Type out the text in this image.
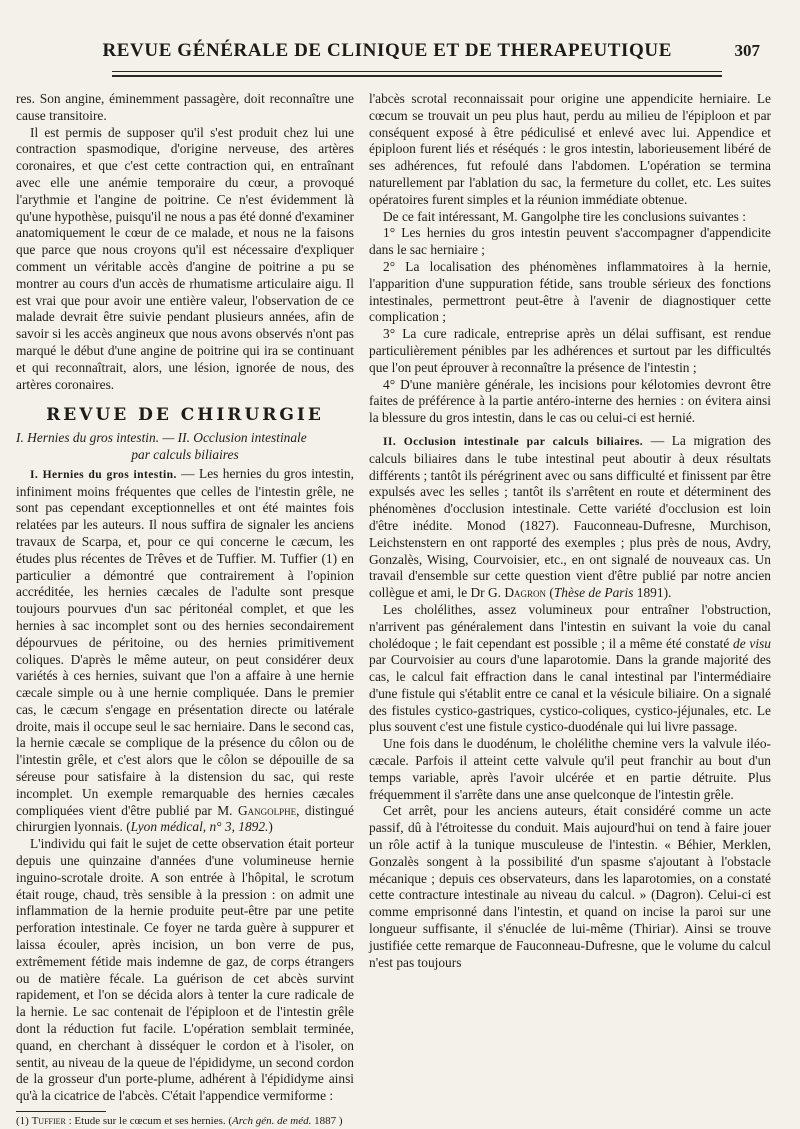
REVUE GÉNÉRALE DE CLINIQUE ET DE THERAPEUTIQUE	307

res. Son angine, éminemment passagère, doit reconnaître une cause transitoire.

Il est permis de supposer qu'il s'est produit chez lui une contraction spasmodique, d'origine nerveuse, des artères coronaires, et que c'est cette contraction qui, en entraînant avec elle une anémie temporaire du cœur, a provoqué l'arythmie et l'angine de poitrine. Ce n'est évidemment là qu'une hypothèse, puisqu'il ne nous a pas été donné d'examiner anatomiquement le cœur de ce malade, et nous ne la faisons que parce que nous croyons qu'il est nécessaire d'expliquer comment un véritable accès d'angine de poitrine a pu se montrer au cours d'un accès de rhumatisme articulaire aigu. Il est vrai que pour avoir une entière valeur, l'observation de ce malade devrait être suivie pendant plusieurs années, afin de savoir si les accès angineux que nous avons observés n'ont pas marqué le début d'une angine de poitrine qui ira se continuant et qui reconnaîtrait, alors, une lésion, ignorée de nous, des artères coronaires.

REVUE DE CHIRURGIE

I. Hernies du gros intestin. — II. Occlusion intestinale
par calculs biliaires

I. Hernies du gros intestin. — Les hernies du gros intestin, infiniment moins fréquentes que celles de l'intestin grêle, ne sont pas cependant exceptionnelles et ont été maintes fois relatées par les auteurs. Il nous suffira de signaler les anciens travaux de Scarpa, et, pour ce qui concerne le cæcum, les études plus récentes de Trêves et de Tuffier. M. Tuffier (1) en particulier a démontré que contrairement à l'opinion accréditée, les hernies cæcales de l'adulte sont presque toujours pourvues d'un sac péritonéal complet, et que les hernies à sac incomplet sont ou des hernies secondairement dépourvues de péritoine, ou des hernies primitivement coliques. D'après le même auteur, on peut considérer deux variétés à ces hernies, suivant que l'on a affaire à une hernie cæcale simple ou à une hernie compliquée. Dans le premier cas, le cæcum s'engage en présentation directe ou latérale droite, mais il occupe seul le sac herniaire. Dans le second cas, la hernie cæcale se complique de la présence du côlon ou de l'intestin grêle, et c'est alors que le côlon se dépouille de sa séreuse pour satisfaire à la distension du sac, qui reste incomplet. Un exemple remarquable des hernies cæcales compliquées vient d'être publié par M. Gangolphe, distingué chirurgien lyonnais. (Lyon médical, n° 3, 1892.)

L'individu qui fait le sujet de cette observation était porteur depuis une quinzaine d'années d'une volumineuse hernie inguino-scrotale droite. A son entrée à l'hôpital, le scrotum était rouge, chaud, très sensible à la pression : on admit une inflammation de la hernie produite peut-être par une petite perforation intestinale. Ce foyer ne tarda guère à suppurer et laissa écouler, après incision, un bon verre de pus, extrêmement fétide mais indemne de gaz, de corps étrangers ou de matière fécale. La guérison de cet abcès survint rapidement, et l'on se décida alors à tenter la cure radicale de la hernie. Le sac contenait de l'épiploon et de l'intestin grêle dont la réduction fut facile. L'opération semblait terminée, quand, en cherchant à disséquer le cordon et à l'isoler, on sentit, au niveau de la queue de l'épididyme, un second cordon de la grosseur d'un porte-plume, adhérent à l'épididyme ainsi qu'à la cicatrice de l'abcès. C'était l'appendice vermiforme :

(1) Tuffier : Etude sur le cœcum et ses hernies. (Arch gén. de méd. 1887 )

l'abcès scrotal reconnaissait pour origine une appendicite herniaire. Le cœcum se trouvait un peu plus haut, perdu au milieu de l'épiploon et par conséquent exposé à être pédiculisé et enlevé avec lui. Appendice et épiploon furent liés et réséqués : le gros intestin, laborieusement libéré de ses adhérences, fut refoulé dans l'abdomen. L'opération se termina naturellement par l'ablation du sac, la fermeture du collet, etc. Les suites opératoires furent simples et la réunion immédiate obtenue.

De ce fait intéressant, M. Gangolphe tire les conclusions suivantes :

1° Les hernies du gros intestin peuvent s'accompagner d'appendicite dans le sac herniaire ;

2° La localisation des phénomènes inflammatoires à la hernie, l'apparition d'une suppuration fétide, sans trouble sérieux des fonctions intestinales, permettront peut-être à l'avenir de diagnostiquer cette complication ;

3° La cure radicale, entreprise après un délai suffisant, est rendue particulièrement pénibles par les adhérences et surtout par les difficultés que l'on peut éprouver à reconnaître la présence de l'intestin ;

4° D'une manière générale, les incisions pour kélotomies devront être faites de préférence à la partie antéro-interne des hernies : on évitera ainsi la blessure du gros intestin, dans le cas ou celui-ci est hernié.

II. Occlusion intestinale par calculs biliaires. — La migration des calculs biliaires dans le tube intestinal peut aboutir à deux résultats différents ; tantôt ils pérégrinent avec ou sans difficulté et finissent par être expulsés avec les selles ; tantôt ils s'arrêtent en route et déterminent des phénomènes d'occlusion intestinale. Cette variété d'occlusion est loin d'être inédite. Monod (1827). Fauconneau-Dufresne, Murchison, Leichstenstern en ont rapporté des exemples ; plus près de nous, Avdry, Gonzalès, Wising, Courvoisier, etc., en ont signalé de nouveaux cas. Un travail d'ensemble sur cette question vient d'être publié par notre ancien collègue et ami, le Dr G. Dagron (Thèse de Paris 1891).

Les cholélithes, assez volumineux pour entraîner l'obstruction, n'arrivent pas généralement dans l'intestin en suivant la voie du canal cholédoque ; le fait cependant est possible ; il a même été constaté de visu par Courvoisier au cours d'une laparotomie. Dans la grande majorité des cas, le calcul fait effraction dans le canal intestinal par l'intermédiaire d'une fistule qui s'établit entre ce canal et la vésicule biliaire. On a signalé des fistules cystico-gastriques, cystico-coliques, cystico-jéjunales, etc. Le plus souvent c'est une fistule cystico-duodénale qui lui livre passage.

Une fois dans le duodénum, le cholélithe chemine vers la valvule iléo-cæcale. Parfois il atteint cette valvule qu'il peut franchir au bout d'un temps variable, après l'avoir ulcérée et en partie détruite. Plus fréquemment il s'arrête dans une anse quelconque de l'intestin grêle.

Cet arrêt, pour les anciens auteurs, était considéré comme un acte passif, dû à l'étroitesse du conduit. Mais aujourd'hui on tend à faire jouer un rôle actif à la tunique musculeuse de l'intestin. « Béhier, Merklen, Gonzalès songent à la possibilité d'un spasme s'ajoutant à l'obstacle mécanique ; depuis ces observateurs, dans les laparotomies, on a constaté cette contracture intestinale au niveau du calcul. » (Dagron). Celui-ci est comme emprisonné dans l'intestin, et quand on incise la paroi sur une longueur suffisante, il s'énuclée de lui-même (Thiriar). Ainsi se trouve justifiée cette remarque de Fauconneau-Dufresne, que le volume du calcul n'est pas toujours
